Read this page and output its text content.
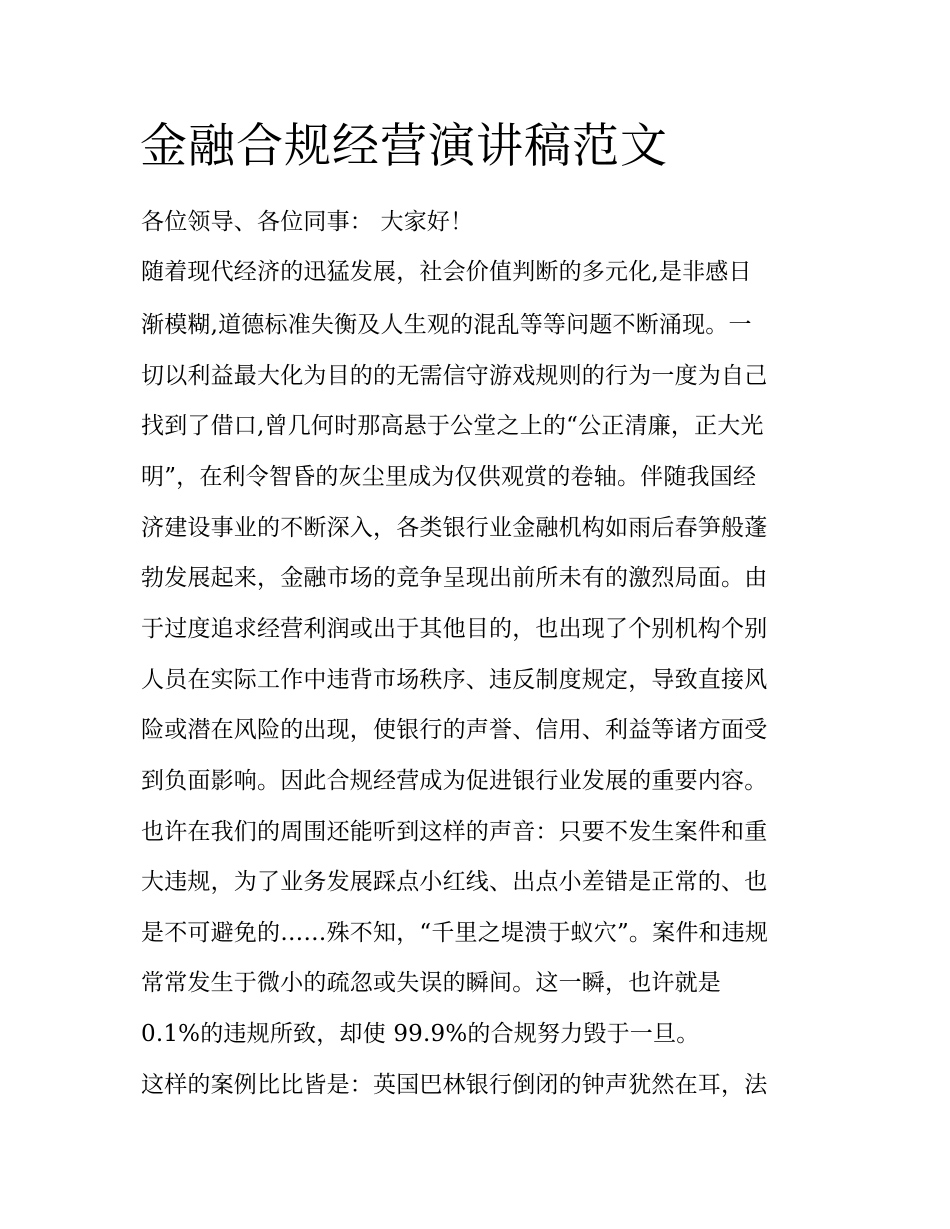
金融合规经营演讲稿范文
各位领导、各位同事： 大家好！
随着现代经济的迅猛发展，社会价值判断的多元化,是非感日
渐模糊,道德标准失衡及人生观的混乱等等问题不断涌现。一
切以利益最大化为目的的无需信守游戏规则的行为一度为自己
找到了借口,曾几何时那高悬于公堂之上的“公正清廉，正大光
明”，在利令智昏的灰尘里成为仅供观赏的卷轴。伴随我国经
济建设事业的不断深入，各类银行业金融机构如雨后春笋般蓬
勃发展起来，金融市场的竞争呈现出前所未有的激烈局面。由
于过度追求经营利润或出于其他目的，也出现了个别机构个别
人员在实际工作中违背市场秩序、违反制度规定，导致直接风
险或潜在风险的出现，使银行的声誉、信用、利益等诸方面受
到负面影响。因此合规经营成为促进银行业发展的重要内容。
也许在我们的周围还能听到这样的声音：只要不发生案件和重
大违规，为了业务发展踩点小红线、出点小差错是正常的、也
是不可避免的……殊不知，“千里之堤溃于蚁穴”。案件和违规
常常发生于微小的疏忽或失误的瞬间。这一瞬，也许就是
0.1%的违规所致，却使 99.9%的合规努力毁于一旦。
这样的案例比比皆是：英国巴林银行倒闭的钟声犹然在耳，法
